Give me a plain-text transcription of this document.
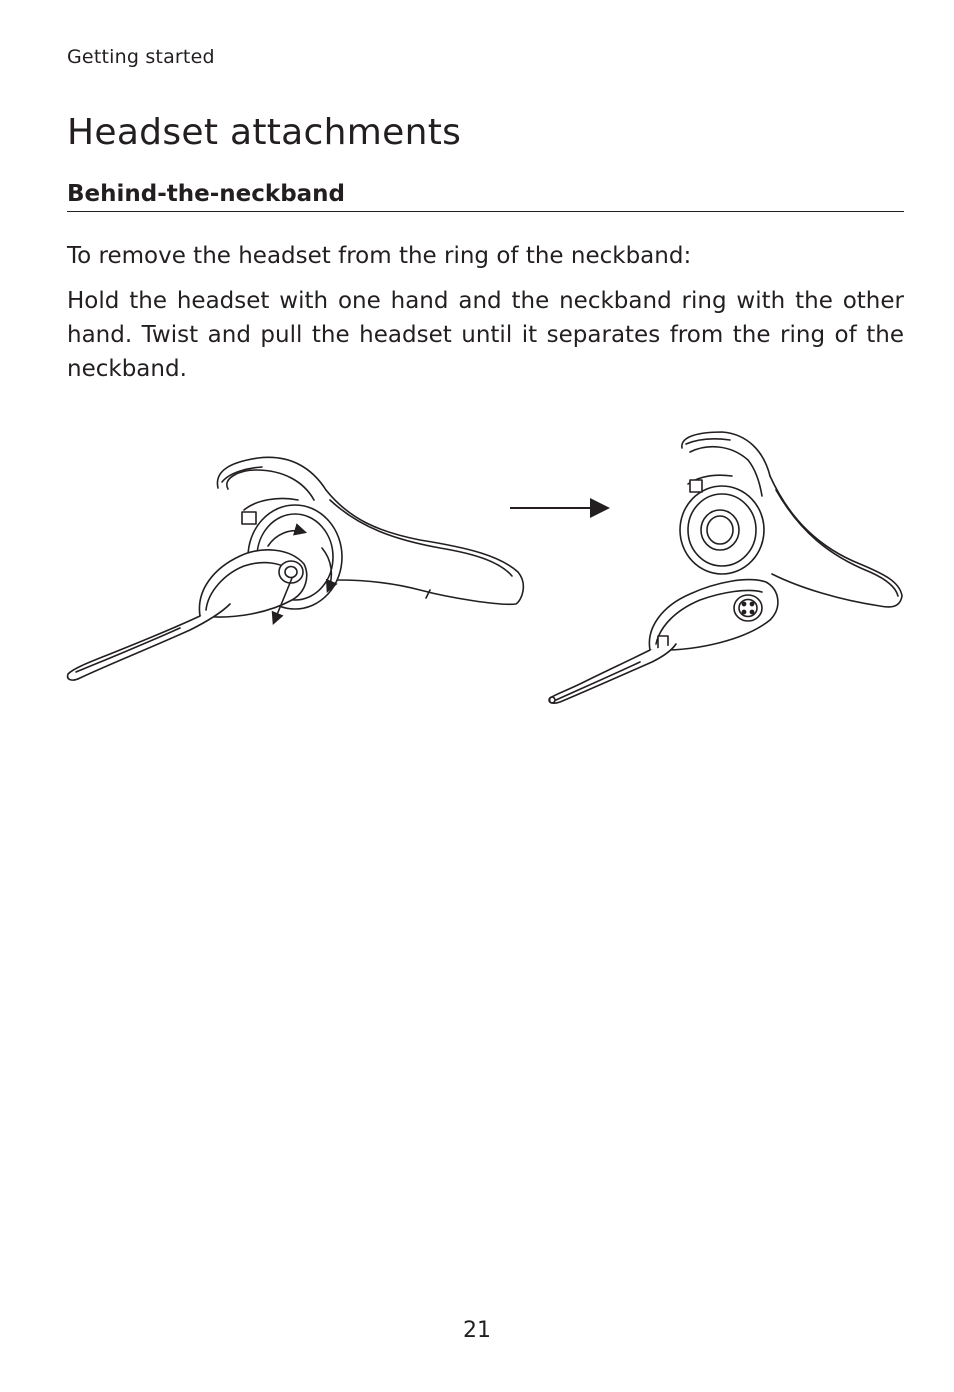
Getting started
Headset attachments
Behind-the-neckband

To remove the headset from the ring of the neckband:

Hold the headset with one hand and the neckband ring with the other hand. Twist and pull the headset until it separates from the ring of the neckband.

21
